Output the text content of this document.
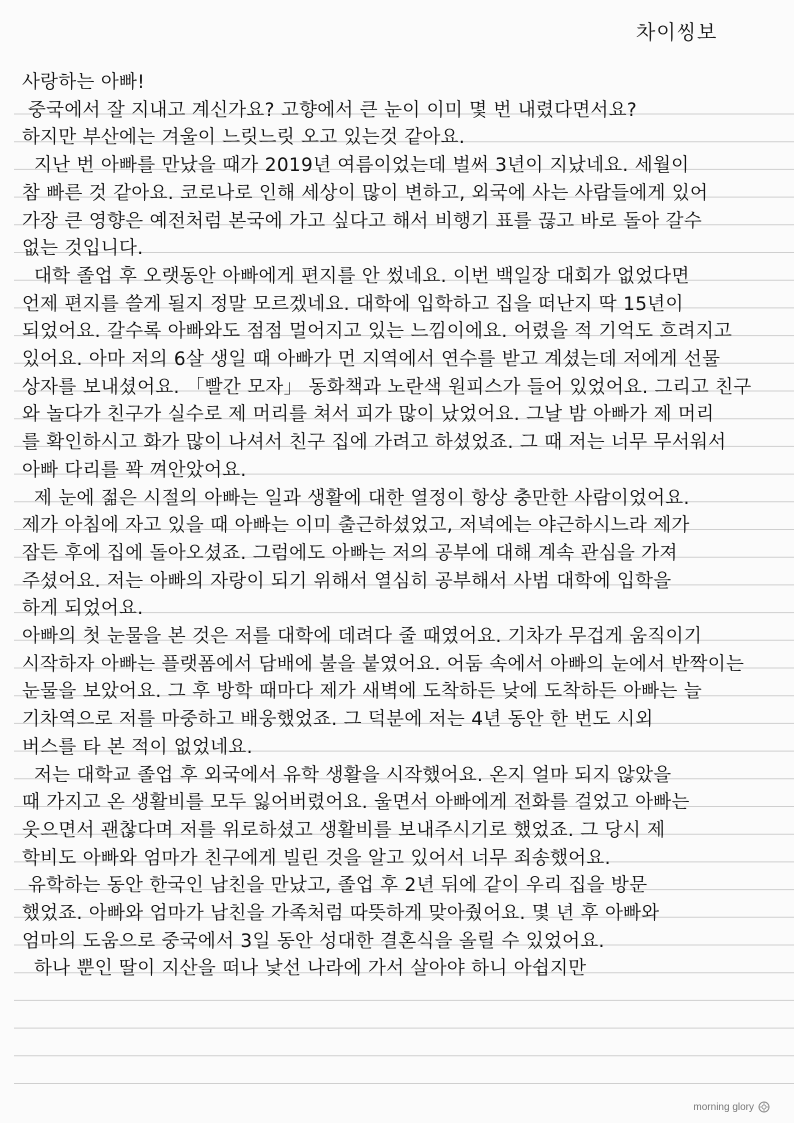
차이씽보
사랑하는 아빠!
중국에서 잘 지내고 계신가요? 고향에서 큰 눈이 이미 몇 번 내렸다면서요?
하지만 부산에는 겨울이 느릿느릿 오고 있는것 같아요.
지난 번 아빠를 만났을 때가 2019년 여름이었는데 벌써 3년이 지났네요. 세월이
참 빠른 것 같아요. 코로나로 인해 세상이 많이 변하고, 외국에 사는 사람들에게 있어
가장 큰 영향은 예전처럼 본국에 가고 싶다고 해서 비행기 표를 끊고 바로 돌아 갈수
없는 것입니다.
대학 졸업 후 오랫동안 아빠에게 편지를 안 썼네요. 이번 백일장 대회가 없었다면
언제 편지를 쓸게 될지 정말 모르겠네요. 대학에 입학하고 집을 떠난지 딱 15년이
되었어요. 갈수록 아빠와도 점점 멀어지고 있는 느낌이에요. 어렸을 적 기억도 흐려지고
있어요. 아마 저의 6살 생일 때 아빠가 먼 지역에서 연수를 받고 계셨는데 저에게 선물
상자를 보내셨어요. 「빨간 모자」 동화책과 노란색 원피스가 들어 있었어요. 그리고 친구
와 놀다가 친구가 실수로 제 머리를 쳐서 피가 많이 났었어요. 그날 밤 아빠가 제 머리
를 확인하시고 화가 많이 나셔서 친구 집에 가려고 하셨었죠. 그 때 저는 너무 무서워서
아빠 다리를 꽉 껴안았어요.
제 눈에 젊은 시절의 아빠는 일과 생활에 대한 열정이 항상 충만한 사람이었어요.
제가 아침에 자고 있을 때 아빠는 이미 출근하셨었고, 저녁에는 야근하시느라 제가
잠든 후에 집에 돌아오셨죠. 그럼에도 아빠는 저의 공부에 대해 계속 관심을 가져
주셨어요. 저는 아빠의 자랑이 되기 위해서 열심히 공부해서 사범 대학에 입학을
하게 되었어요.
아빠의 첫 눈물을 본 것은 저를 대학에 데려다 줄 때였어요. 기차가 무겁게 움직이기
시작하자 아빠는 플랫폼에서 담배에 불을 붙였어요. 어둠 속에서 아빠의 눈에서 반짝이는
눈물을 보았어요. 그 후 방학 때마다 제가 새벽에 도착하든 낮에 도착하든 아빠는 늘
기차역으로 저를 마중하고 배웅했었죠. 그 덕분에 저는 4년 동안 한 번도 시외
버스를 타 본 적이 없었네요.
저는 대학교 졸업 후 외국에서 유학 생활을 시작했어요. 온지 얼마 되지 않았을
때 가지고 온 생활비를 모두 잃어버렸어요. 울면서 아빠에게 전화를 걸었고 아빠는
웃으면서 괜찮다며 저를 위로하셨고 생활비를 보내주시기로 했었죠. 그 당시 제
학비도 아빠와 엄마가 친구에게 빌린 것을 알고 있어서 너무 죄송했어요.
유학하는 동안 한국인 남친을 만났고, 졸업 후 2년 뒤에 같이 우리 집을 방문
했었죠. 아빠와 엄마가 남친을 가족처럼 따뜻하게 맞아줬어요. 몇 년 후 아빠와
엄마의 도움으로 중국에서 3일 동안 성대한 결혼식을 올릴 수 있었어요.
하나 뿐인 딸이 지산을 떠나 낯선 나라에 가서 살아야 하니 아쉽지만
morning glory
